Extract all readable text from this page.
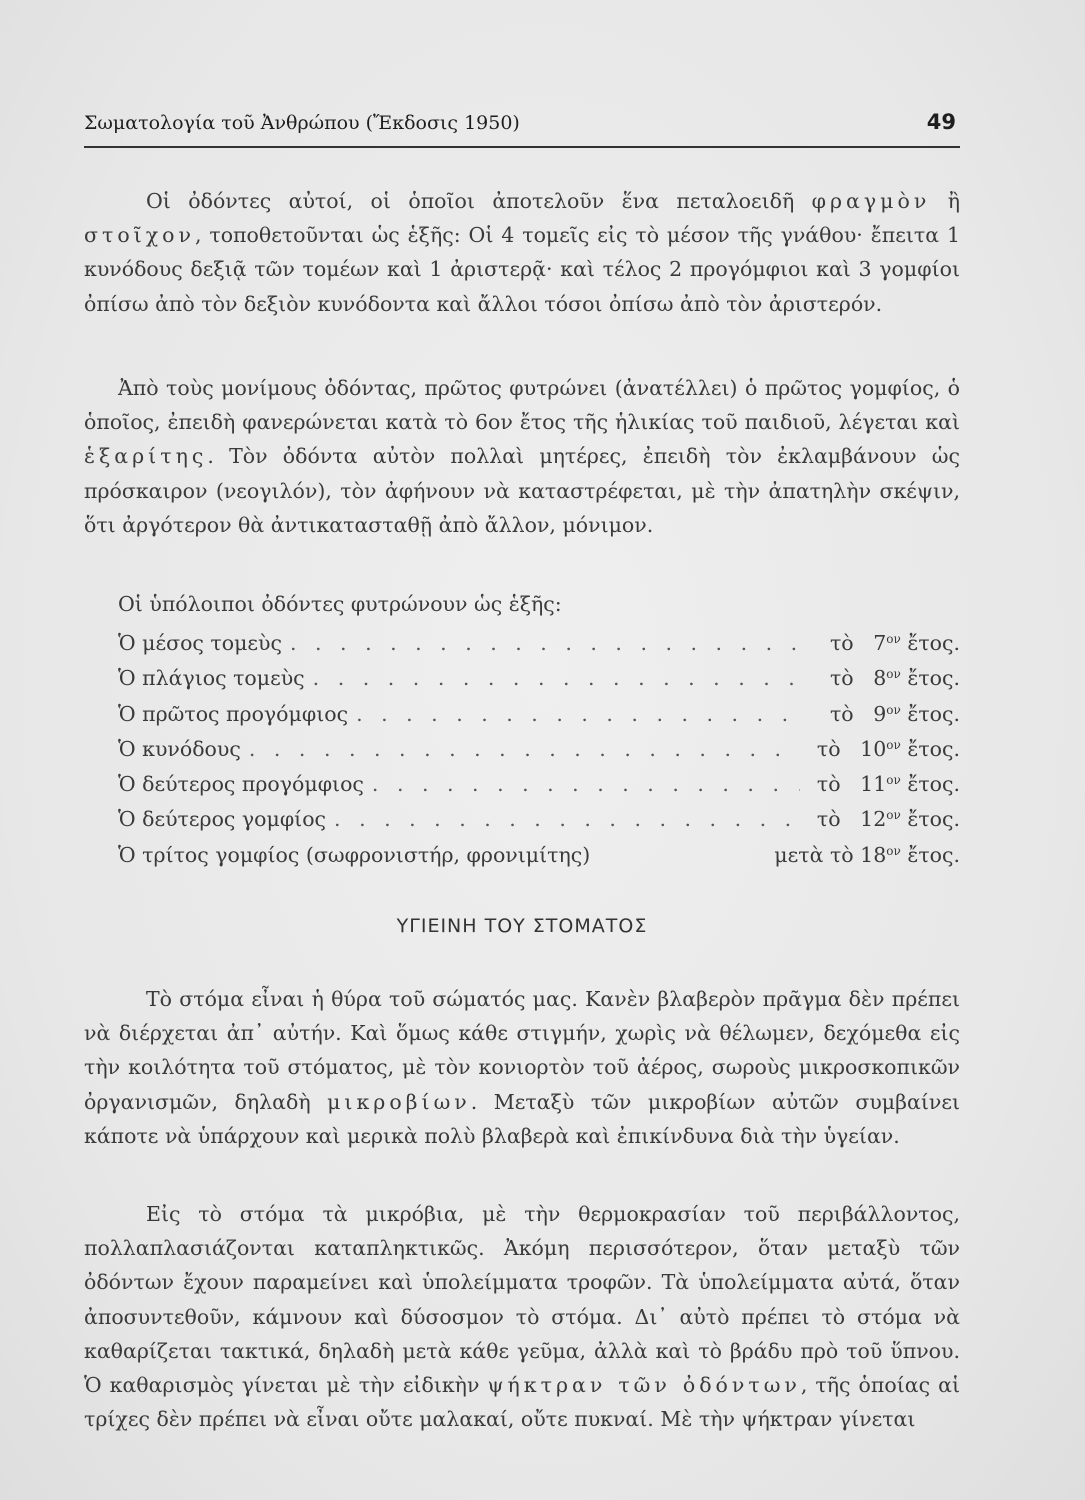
Σωματολογία τοῦ Ἀνθρώπου (Ἔκδοσις 1950)	49

Οἱ ὀδόντες αὐτοί, οἱ ὁποῖοι ἀποτελοῦν ἕνα πεταλοειδῆ φραγμὸν ἢ στοῖχον, τοποθετοῦνται ὡς ἑξῆς: Οἱ 4 τομεῖς εἰς τὸ μέσον τῆς γνάθου· ἔπειτα 1 κυνόδους δεξιᾷ τῶν τομέων καὶ 1 ἀριστερᾷ· καὶ τέλος 2 προγόμφιοι καὶ 3 γομφίοι ὀπίσω ἀπὸ τὸν δεξιὸν κυνόδοντα καὶ ἄλλοι τόσοι ὀπίσω ἀπὸ τὸν ἀριστερόν.

Ἀπὸ τοὺς μονίμους ὀδόντας, πρῶτος φυτρώνει (ἀνατέλλει) ὁ πρῶτος γομφίος, ὁ ὁποῖος, ἐπειδὴ φανερώνεται κατὰ τὸ 6ον ἔτος τῆς ἡλικίας τοῦ παιδιοῦ, λέγεται καὶ ἑξαρίτης. Τὸν ὀδόντα αὐτὸν πολλαὶ μητέρες, ἐπειδὴ τὸν ἐκλαμβάνουν ὡς πρόσκαιρον (νεογιλόν), τὸν ἀφήνουν νὰ καταστρέφεται, μὲ τὴν ἀπατηλὴν σκέψιν, ὅτι ἀργότερον θὰ ἀντικατασταθῇ ἀπὸ ἄλλον, μόνιμον.

Οἱ ὑπόλοιποι ὀδόντες φυτρώνουν ὡς ἑξῆς:

Ὁ μέσος τομεὺς . . .	τὸ $7^{o\nu}$ ἔτος.
Ὁ πλάγιος τομεὺς . . .	τὸ $8^{o\nu}$ ἔτος.
Ὁ πρῶτος προγόμφιος . . .	τὸ $9^{o\nu}$ ἔτος.
Ὁ κυνόδους . . .	τὸ $10^{o\nu}$ ἔτος.
Ὁ δεύτερος προγόμφιος . . .	τὸ $11^{o\nu}$ ἔτος.
Ὁ δεύτερος γομφίος . . .	τὸ $12^{o\nu}$ ἔτος.
Ὁ τρίτος γομφίος (σωφρονιστήρ, φρονιμίτης)	μετὰ τὸ $18^{o\nu}$ ἔτος.
ΥΓΙΕΙΝΗ ΤΟΥ ΣΤΟΜΑΤΟΣ

Τὸ στόμα εἶναι ἡ θύρα τοῦ σώματός μας. Κανὲν βλαβερὸν πρᾶγμα δὲν πρέπει νὰ διέρχεται ἀπ᾽ αὐτήν. Καὶ ὅμως κάθε στιγμήν, χωρὶς νὰ θέλωμεν, δεχόμεθα εἰς τὴν κοιλότητα τοῦ στόματος, μὲ τὸν κονιορτὸν τοῦ ἀέρος, σωροὺς μικροσκοπικῶν ὀργανισμῶν, δηλαδὴ μικροβίων. Μεταξὺ τῶν μικροβίων αὐτῶν συμβαίνει κάποτε νὰ ὑπάρχουν καὶ μερικὰ πολὺ βλαβερὰ καὶ ἐπικίνδυνα διὰ τὴν ὑγείαν.

Εἰς τὸ στόμα τὰ μικρόβια, μὲ τὴν θερμοκρασίαν τοῦ περιβάλλοντος, πολλαπλασιάζονται καταπληκτικῶς. Ἀκόμη περισσότερον, ὅταν μεταξὺ τῶν ὀδόντων ἔχουν παραμείνει καὶ ὑπολείμματα τροφῶν. Τὰ ὑπολείμματα αὐτά, ὅταν ἀποσυντεθοῦν, κάμνουν καὶ δύσοσμον τὸ στόμα. Δι᾽ αὐτὸ πρέπει τὸ στόμα νὰ καθαρίζεται τακτικά, δηλαδὴ μετὰ κάθε γεῦμα, ἀλλὰ καὶ τὸ βράδυ πρὸ τοῦ ὕπνου. Ὁ καθαρισμὸς γίνεται μὲ τὴν εἰδικὴν ψήκτραν τῶν ὀδόντων, τῆς ὁποίας αἱ τρίχες δὲν πρέπει νὰ εἶναι οὔτε μαλακαί, οὔτε πυκναί. Μὲ τὴν ψήκτραν γίνεται
